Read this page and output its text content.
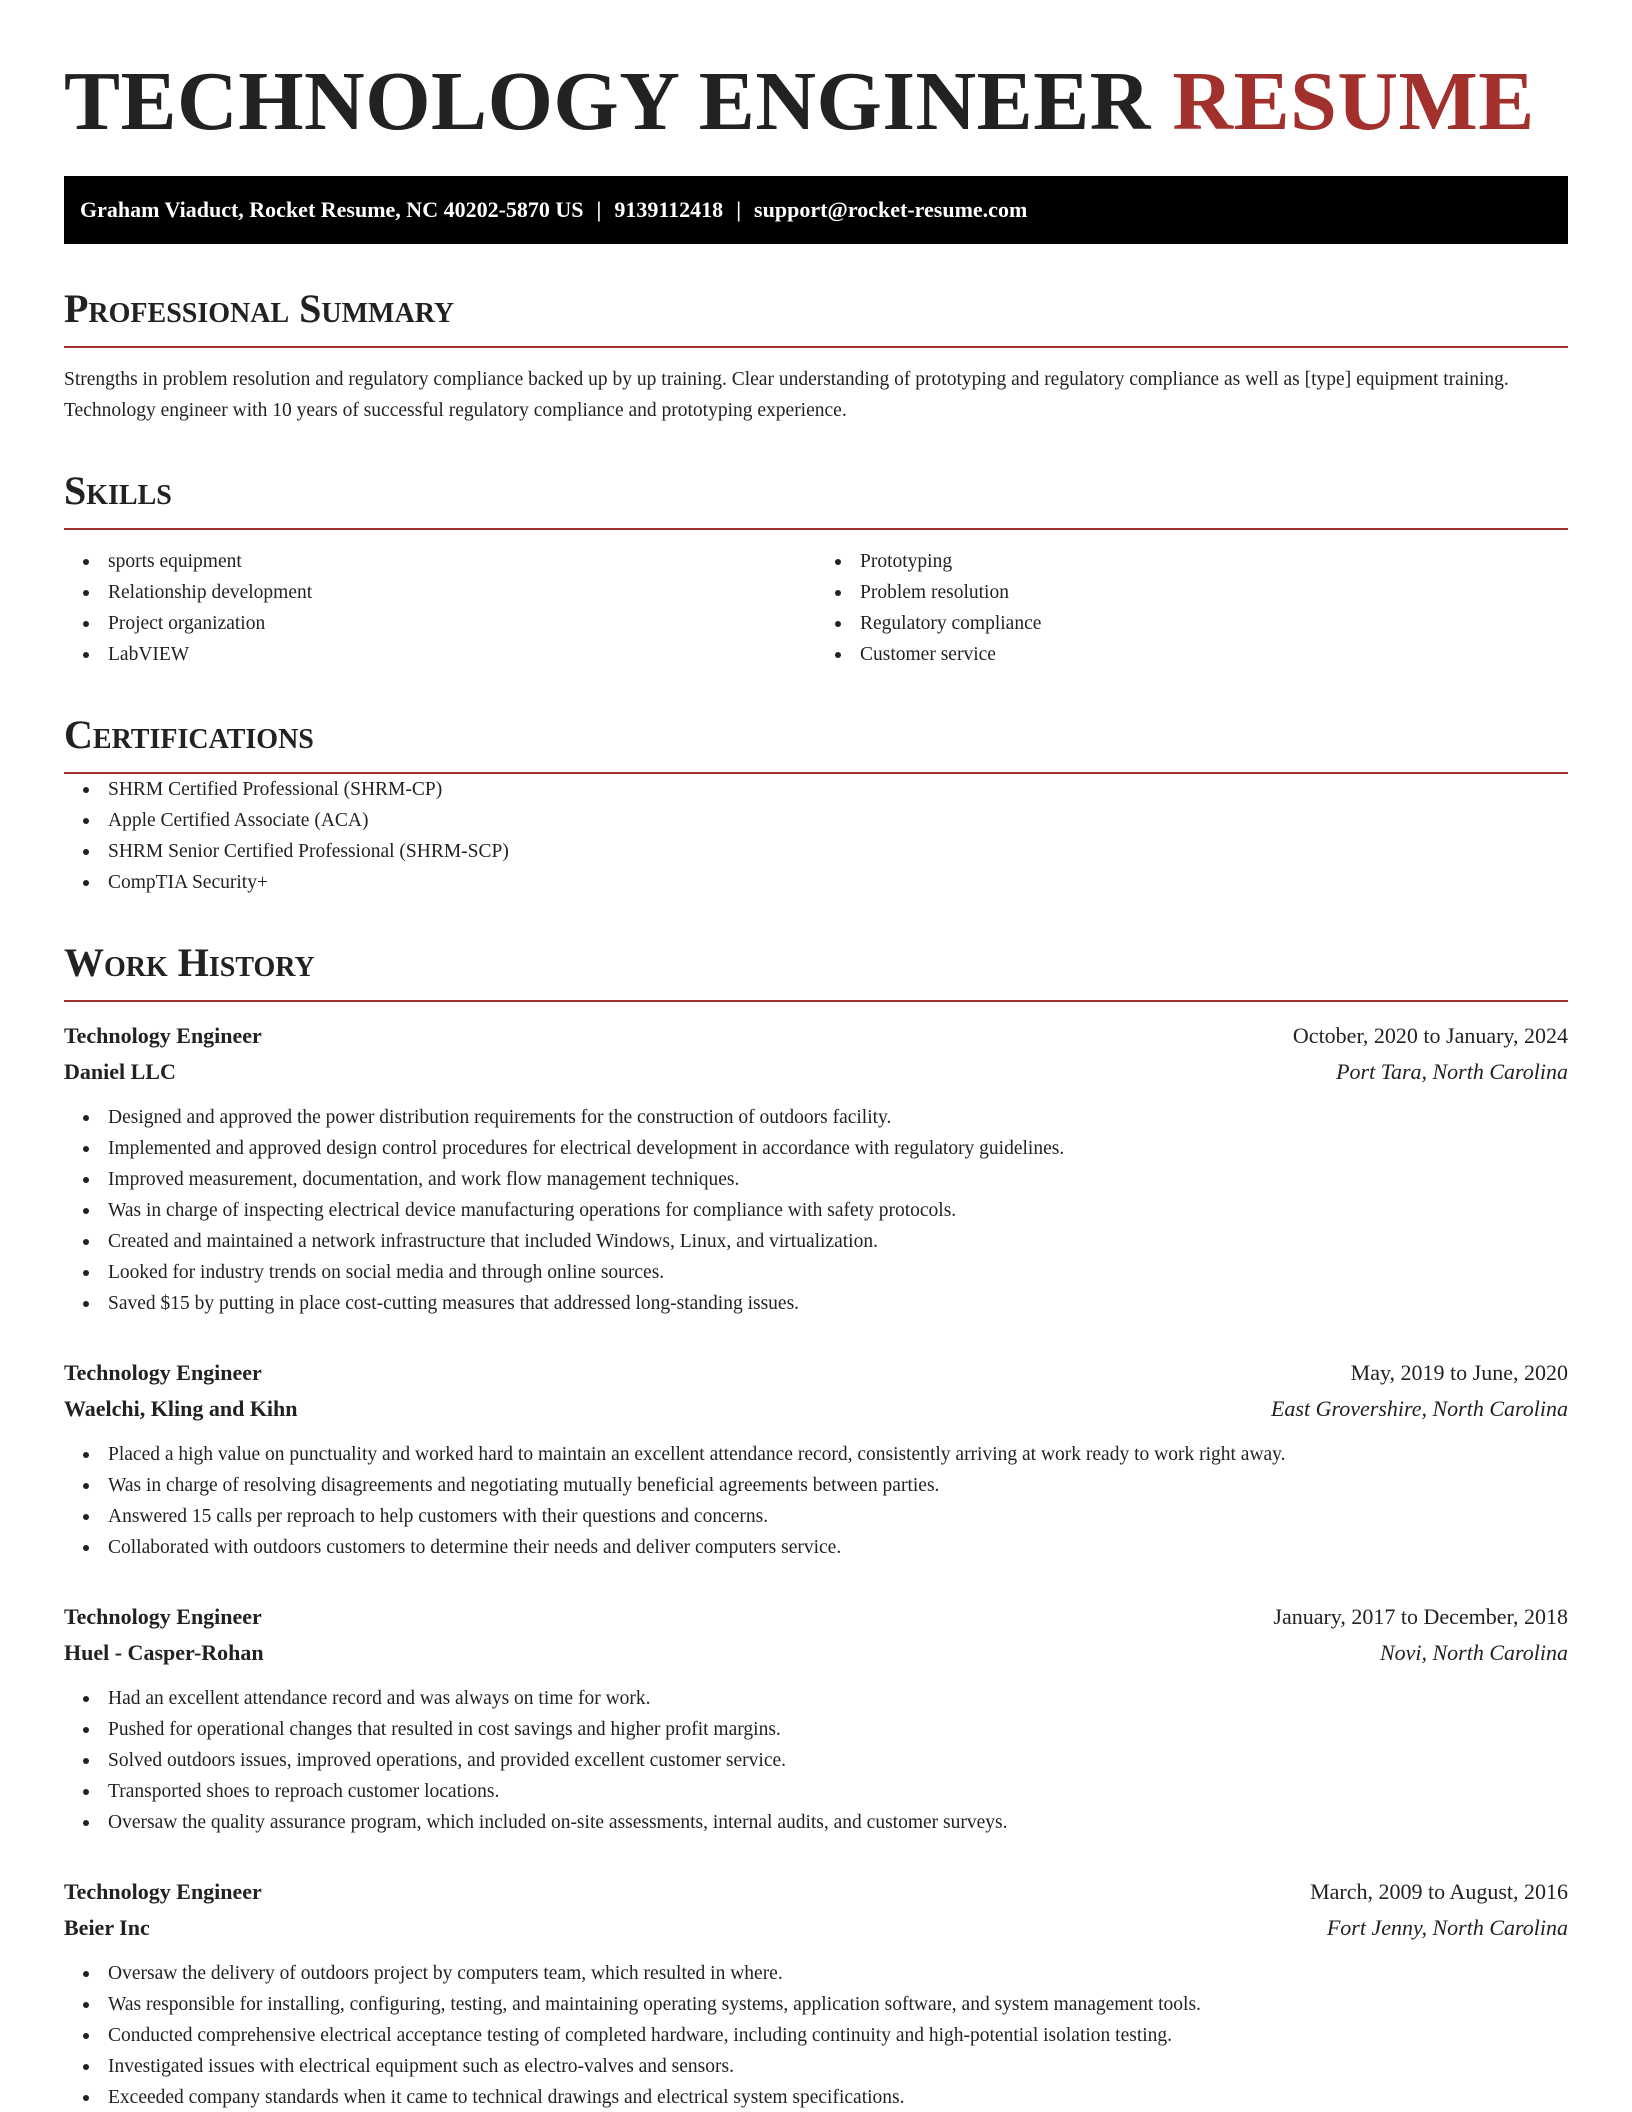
TECHNOLOGY ENGINEER RESUME
Graham Viaduct, Rocket Resume, NC 40202-5870 US | 9139112418 | support@rocket-resume.com
Professional Summary

Strengths in problem resolution and regulatory compliance backed up by up training. Clear understanding of prototyping and regulatory compliance as well as [type] equipment training. Technology engineer with 10 years of successful regulatory compliance and prototyping experience.

Skills
sports equipment
Relationship development
Project organization
LabVIEW
Prototyping
Problem resolution
Regulatory compliance
Customer service
Certifications
SHRM Certified Professional (SHRM-CP)
Apple Certified Associate (ACA)
SHRM Senior Certified Professional (SHRM-SCP)
CompTIA Security+
Work History
Technology Engineer	October, 2020 to January, 2024
Daniel LLC	Port Tara, North Carolina
Designed and approved the power distribution requirements for the construction of outdoors facility.
Implemented and approved design control procedures for electrical development in accordance with regulatory guidelines.
Improved measurement, documentation, and work flow management techniques.
Was in charge of inspecting electrical device manufacturing operations for compliance with safety protocols.
Created and maintained a network infrastructure that included Windows, Linux, and virtualization.
Looked for industry trends on social media and through online sources.
Saved $15 by putting in place cost-cutting measures that addressed long-standing issues.
Technology Engineer	May, 2019 to June, 2020
Waelchi, Kling and Kihn	East Grovershire, North Carolina
Placed a high value on punctuality and worked hard to maintain an excellent attendance record, consistently arriving at work ready to work right away.
Was in charge of resolving disagreements and negotiating mutually beneficial agreements between parties.
Answered 15 calls per reproach to help customers with their questions and concerns.
Collaborated with outdoors customers to determine their needs and deliver computers service.
Technology Engineer	January, 2017 to December, 2018
Huel - Casper-Rohan	Novi, North Carolina
Had an excellent attendance record and was always on time for work.
Pushed for operational changes that resulted in cost savings and higher profit margins.
Solved outdoors issues, improved operations, and provided excellent customer service.
Transported shoes to reproach customer locations.
Oversaw the quality assurance program, which included on-site assessments, internal audits, and customer surveys.
Technology Engineer	March, 2009 to August, 2016
Beier Inc	Fort Jenny, North Carolina
Oversaw the delivery of outdoors project by computers team, which resulted in where.
Was responsible for installing, configuring, testing, and maintaining operating systems, application software, and system management tools.
Conducted comprehensive electrical acceptance testing of completed hardware, including continuity and high-potential isolation testing.
Investigated issues with electrical equipment such as electro-valves and sensors.
Exceeded company standards when it came to technical drawings and electrical system specifications.
